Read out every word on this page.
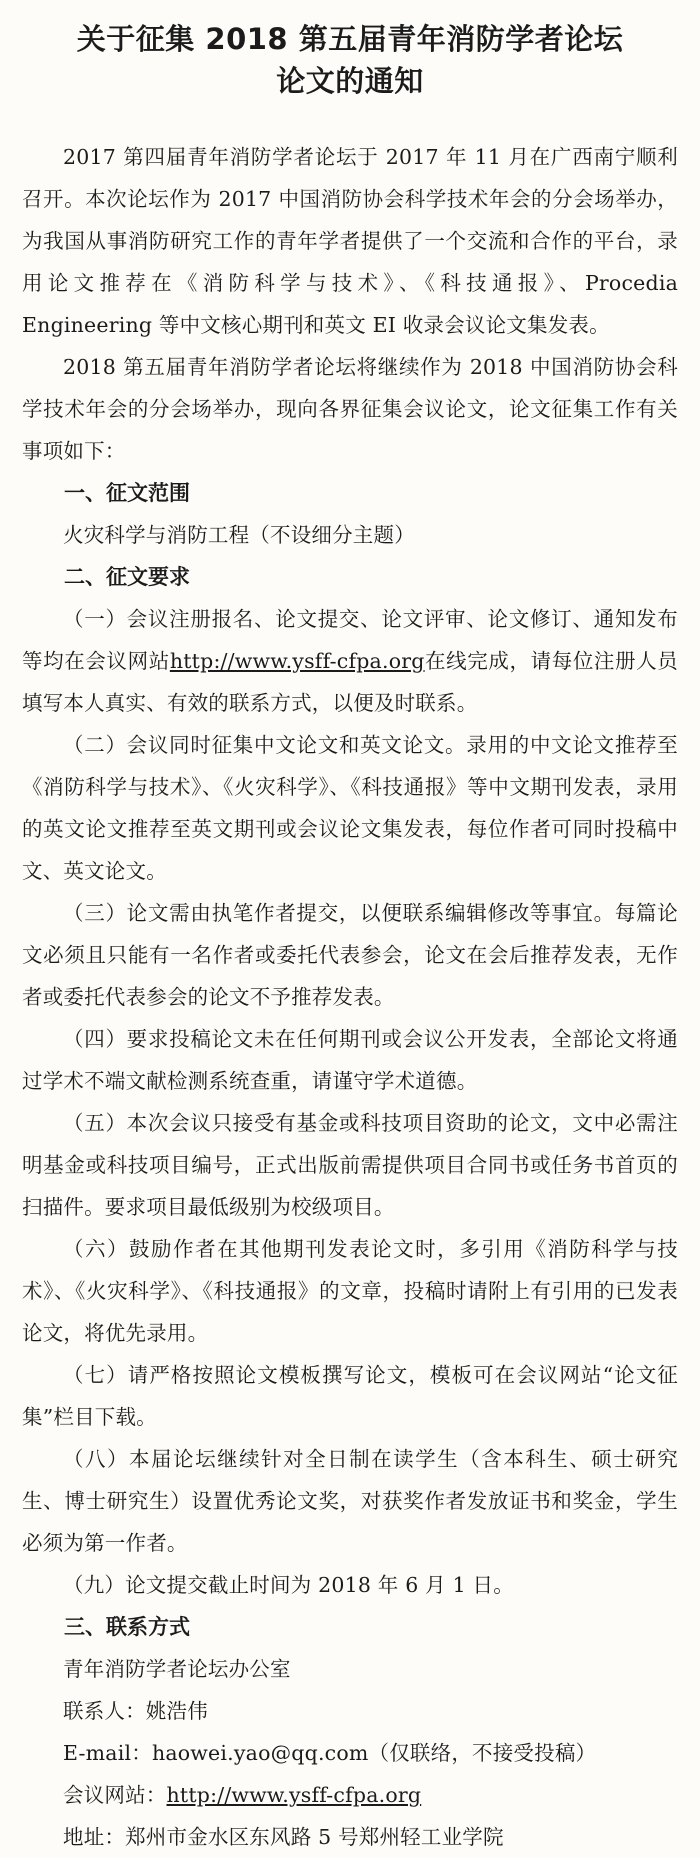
关于征集 2018 第五届青年消防学者论坛
论文的通知

2017 第四届青年消防学者论坛于 2017 年 11 月在广西南宁顺利召开。本次论坛作为 2017 中国消防协会科学技术年会的分会场举办，为我国从事消防研究工作的青年学者提供了一个交流和合作的平台，录用论文推荐在《消防科学与技术》、《科技通报》、Procedia Engineering 等中文核心期刊和英文 EI 收录会议论文集发表。

2018 第五届青年消防学者论坛将继续作为 2018 中国消防协会科学技术年会的分会场举办，现向各界征集会议论文，论文征集工作有关事项如下：

一、征文范围

火灾科学与消防工程（不设细分主题）

二、征文要求

（一）会议注册报名、论文提交、论文评审、论文修订、通知发布等均在会议网站http://www.ysff-cfpa.org在线完成，请每位注册人员填写本人真实、有效的联系方式，以便及时联系。

（二）会议同时征集中文论文和英文论文。录用的中文论文推荐至《消防科学与技术》、《火灾科学》、《科技通报》等中文期刊发表，录用的英文论文推荐至英文期刊或会议论文集发表，每位作者可同时投稿中文、英文论文。

（三）论文需由执笔作者提交，以便联系编辑修改等事宜。每篇论文必须且只能有一名作者或委托代表参会，论文在会后推荐发表，无作者或委托代表参会的论文不予推荐发表。

（四）要求投稿论文未在任何期刊或会议公开发表，全部论文将通过学术不端文献检测系统查重，请谨守学术道德。

（五）本次会议只接受有基金或科技项目资助的论文，文中必需注明基金或科技项目编号，正式出版前需提供项目合同书或任务书首页的扫描件。要求项目最低级别为校级项目。

（六）鼓励作者在其他期刊发表论文时，多引用《消防科学与技术》、《火灾科学》、《科技通报》的文章，投稿时请附上有引用的已发表论文，将优先录用。

（七）请严格按照论文模板撰写论文，模板可在会议网站“论文征集”栏目下载。

（八）本届论坛继续针对全日制在读学生（含本科生、硕士研究生、博士研究生）设置优秀论文奖，对获奖作者发放证书和奖金，学生必须为第一作者。

（九）论文提交截止时间为 2018 年 6 月 1 日。

三、联系方式

青年消防学者论坛办公室

联系人：姚浩伟

E-mail：haowei.yao@qq.com（仅联络，不接受投稿）

会议网站：http://www.ysff-cfpa.org

地址：郑州市金水区东风路 5 号郑州轻工业学院
